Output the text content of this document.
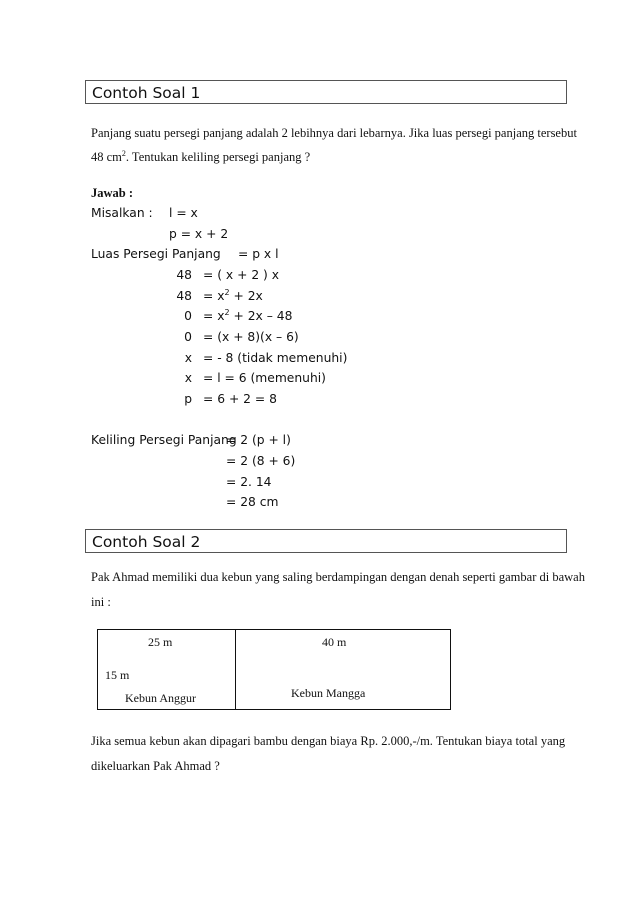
Contoh Soal 1
Panjang suatu persegi panjang adalah 2 lebihnya dari lebarnya. Jika luas persegi panjang tersebut
48 $cm^2$. Tentukan keliling persegi panjang ?
Jawab :
Misalkan : l = x
p = x + 2
Luas Persegi Panjang = p x l
48 = ( x + 2 ) x
$48 = x^2 + 2x$
$0 = x^2 + 2x - 48$
0 = (x + 8)(x – 6)
x = - 8 (tidak memenuhi)
x = l = 6 (memenuhi)
p = 6 + 2 = 8
Keliling Persegi Panjang
= 2 (p + l)
= 2 (8 + 6)
= 2. 14
= 28 cm
Contoh Soal 2
Pak Ahmad memiliki dua kebun yang saling berdampingan dengan denah seperti gambar di bawah
ini :
25 m	40 m
15 m
Kebun Anggur	Kebun Mangga
Jika semua kebun akan dipagari bambu dengan biaya Rp. 2.000,-/m. Tentukan biaya total yang
dikeluarkan Pak Ahmad ?
